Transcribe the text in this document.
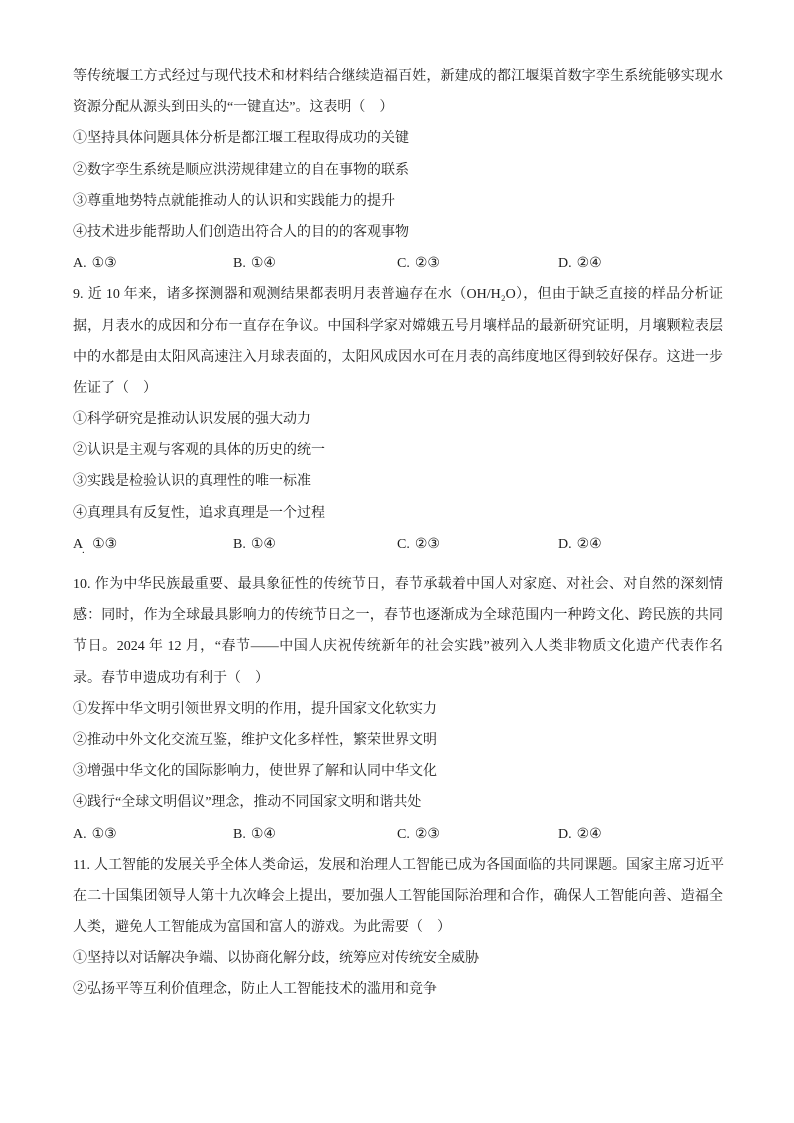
等传统堰工方式经过与现代技术和材料结合继续造福百姓，新建成的都江堰渠首数字孪生系统能够实现水
资源分配从源头到田头的“一键直达”。这表明（    ）
①坚持具体问题具体分析是都江堰工程取得成功的关键
②数字孪生系统是顺应洪涝规律建立的自在事物的联系
③尊重地势特点就能推动人的认识和实践能力的提升
④技术进步能帮助人们创造出符合人的目的的客观事物
A. ①③	B. ①④	C. ②③	D. ②④
9. 近 10 年来，诸多探测器和观测结果都表明月表普遍存在水（OH/H₂O），但由于缺乏直接的样品分析证
据，月表水的成因和分布一直存在争议。中国科学家对嫦娥五号月壤样品的最新研究证明，月壤颗粒表层
中的水都是由太阳风高速注入月球表面的，太阳风成因水可在月表的高纬度地区得到较好保存。这进一步
佐证了（    ）
①科学研究是推动认识发展的强大动力
②认识是主观与客观的具体的历史的统一
③实践是检验认识的真理性的唯一标准
④真理具有反复性，追求真理是一个过程
A
. ①③	B. ①④	C. ②③	D. ②④
10. 作为中华民族最重要、最具象征性的传统节日，春节承载着中国人对家庭、对社会、对自然的深刻情
感：同时，作为全球最具影响力的传统节日之一，春节也逐渐成为全球范围内一种跨文化、跨民族的共同
节日。2024 年 12 月，“春节——中国人庆祝传统新年的社会实践”被列入人类非物质文化遗产代表作名
录。春节申遗成功有利于（    ）
①发挥中华文明引领世界文明的作用，提升国家文化软实力
②推动中外文化交流互鉴，维护文化多样性，繁荣世界文明
③增强中华文化的国际影响力，使世界了解和认同中华文化
④践行“全球文明倡议”理念，推动不同国家文明和谐共处
A. ①③	B. ①④	C. ②③	D. ②④
11. 人工智能的发展关乎全体人类命运，发展和治理人工智能已成为各国面临的共同课题。国家主席习近平
在二十国集团领导人第十九次峰会上提出，要加强人工智能国际治理和合作，确保人工智能向善、造福全
人类，避免人工智能成为富国和富人的游戏。为此需要（    ）
①坚持以对话解决争端、以协商化解分歧，统筹应对传统安全威胁
②弘扬平等互利价值理念，防止人工智能技术的滥用和竞争
